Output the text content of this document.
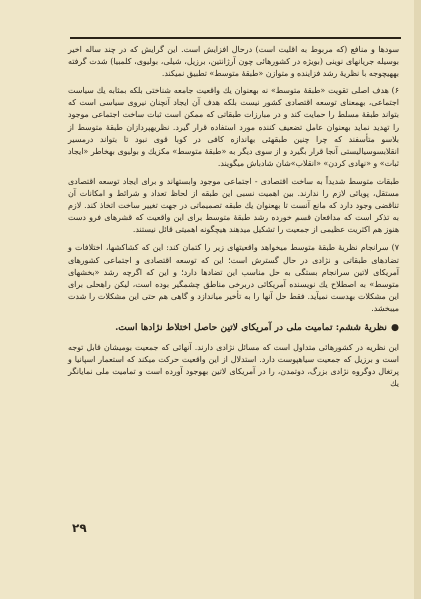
سودها و منافع (که مربوط به اقلیت است) درحال افزایش است. این گرایش که در چند ساله اخیر بوسیله جریانهای نوینی (بویژه در کشورهائی چون آرژانتین، برزیل، شیلی، بولیوی، کلمبیا) شدت گرفته بههیچوجه با نظریهٔ رشد فزاینده و متوازن «طبقهٔ متوسط» تطبیق نمیکند.

۶) هدف اصلی تقویت «طبقهٔ متوسط» نه بهعنوان یك واقعیت جامعه شناختی بلکه بمثابه یك سیاست اجتماعی، بهمعنای توسعه اقتصادی کشور نیست بلکه هدف آن ایجاد آنچنان نیروی سیاسی است که بتواند طبقهٔ مسلط را حمایت کند و در مبارزات طبقاتی که ممکن است ثبات ساخت اجتماعی موجود را تهدید نماید بهعنوان عامل تضعیف کننده مورد استفاده قرار گیرد. نظریهپردازان طبقهٔ متوسط از بلاسو متأسفند که چرا چنین طبقهئی بهاندازه کافی در کوبا قوی نبود تا بتواند درمسیر انقلابسوسیالیستی آنجا قرار بگیرد و از سوی دیگر به «طبقهٔ متوسط» مکزیك و بولیوی بهخاطر «ایجاد ثبات» و «نهادی کردن» «انقلاب»شان شادباش میگویند.

طبقات متوسط شدیداً به ساخت اقتصادی - اجتماعی موجود وابستهاند و برای ایجاد توسعه اقتصادی مستقل، پویائی لازم را ندارند. بین اهمیت نسبی این طبقه از لحاظ تعداد و شرائط و امکانات آن تناقضی وجود دارد که مانع آنست تا بهعنوان یك طبقه تصمیماتی در جهت تغییر ساخت اتخاذ کند. لازم به تذکر است که مدافعان قسم خورده رشد طبقهٔ متوسط برای این واقعیت که قشرهای فرو دست هنوز هم اکثریت عظیمی از جمعیت را تشکیل میدهند هیچگونه اهمیتی قائل نیستند.

۷) سرانجام نظریهٔ طبقهٔ متوسط میخواهد واقعیتهای زیر را کتمان کند: این که کشاکشها، اختلافات و تضادهای طبقاتی و نژادی در حال گسترش است؛ این که توسعه اقتصادی و اجتماعی کشورهای آمریکای لاتین سرانجام بستگی به حل مناسب این تضادها دارد؛ و این که اگرچه رشد «بخشهای متوسط» به اصطلاح یك نویسنده آمریکائی دربرخی مناطق چشمگیر بوده است، لیکن راهحلی برای این مشکلات بهدست نمیآید. فقط حل آنها را به تأخیر میاندازد و گاهی هم حتی این مشکلات را شدت میبخشد.

●نظریهٔ ششم: تمامیت ملی در آمریکای لاتین حاصل اختلاط نژادها است.

این نظریه در کشورهائی متداول است که مسائل نژادی دارند. آنهائی که جمعیت بومیشان قابل توجه است و برزیل که جمعیت سیاهپوست دارد. استدلال از این واقعیت حرکت میکند که استعمار اسپانیا و پرتغال دوگروه نژادی بزرگ، دوتمدن، را در آمریکای لاتین بهوجود آورده است و تمامیت ملی نمایانگر یك

۲۹
